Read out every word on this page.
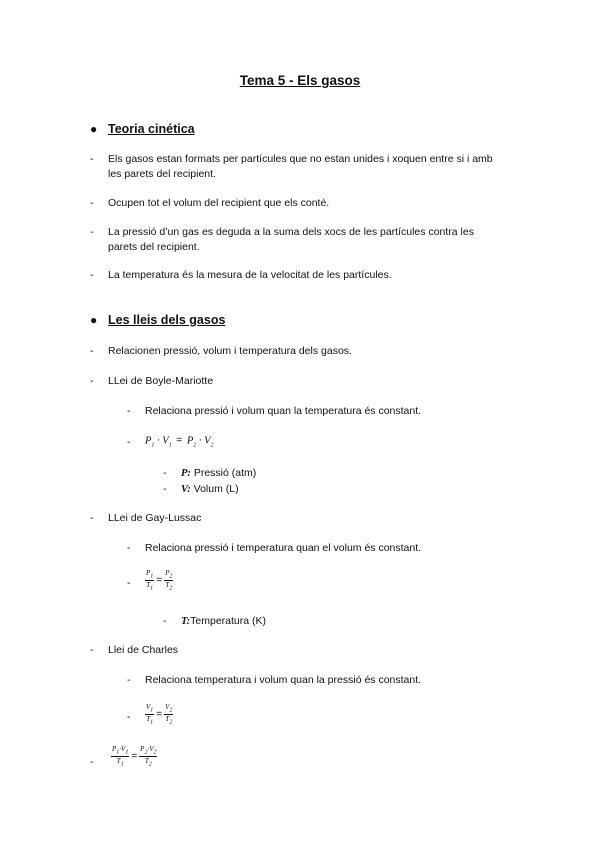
Tema 5 - Els gasos
● Teoria cinética
- Els gasos estan formats per partícules que no estan unides i xoquen entre si i amb
les parets del recipient.
- Ocupen tot el volum del recipient que els conté.
- La pressió d’un gas es deguda a la suma dels xocs de les partícules contra les
parets del recipient.
- La temperatura és la mesura de la velocitat de les partícules.
● Les lleis dels gasos
- Relacionen pressió, volum i temperatura dels gasos.
- LLei de Boyle-Mariotte
- Relaciona pressió i volum quan la temperatura és constant.
- $P_1 \cdot V_1 = P_2 \cdot V_2$
- P: Pressió (atm)
- V: Volum (L)
- LLei de Gay-Lussac
- Relaciona pressió i temperatura quan el volum és constant.
- $\frac{P_1}{T_1} = \frac{P_2}{T_2}$
- T:Temperatura (K)
- Llei de Charles
- Relaciona temperatura i volum quan la pressió és constant.
- $\frac{V_1}{T_1} = \frac{V_2}{T_2}$
-	$\frac{P_1\cdot V_1}{T_1} = \frac{P_2\cdot V_2}{T_2}$
